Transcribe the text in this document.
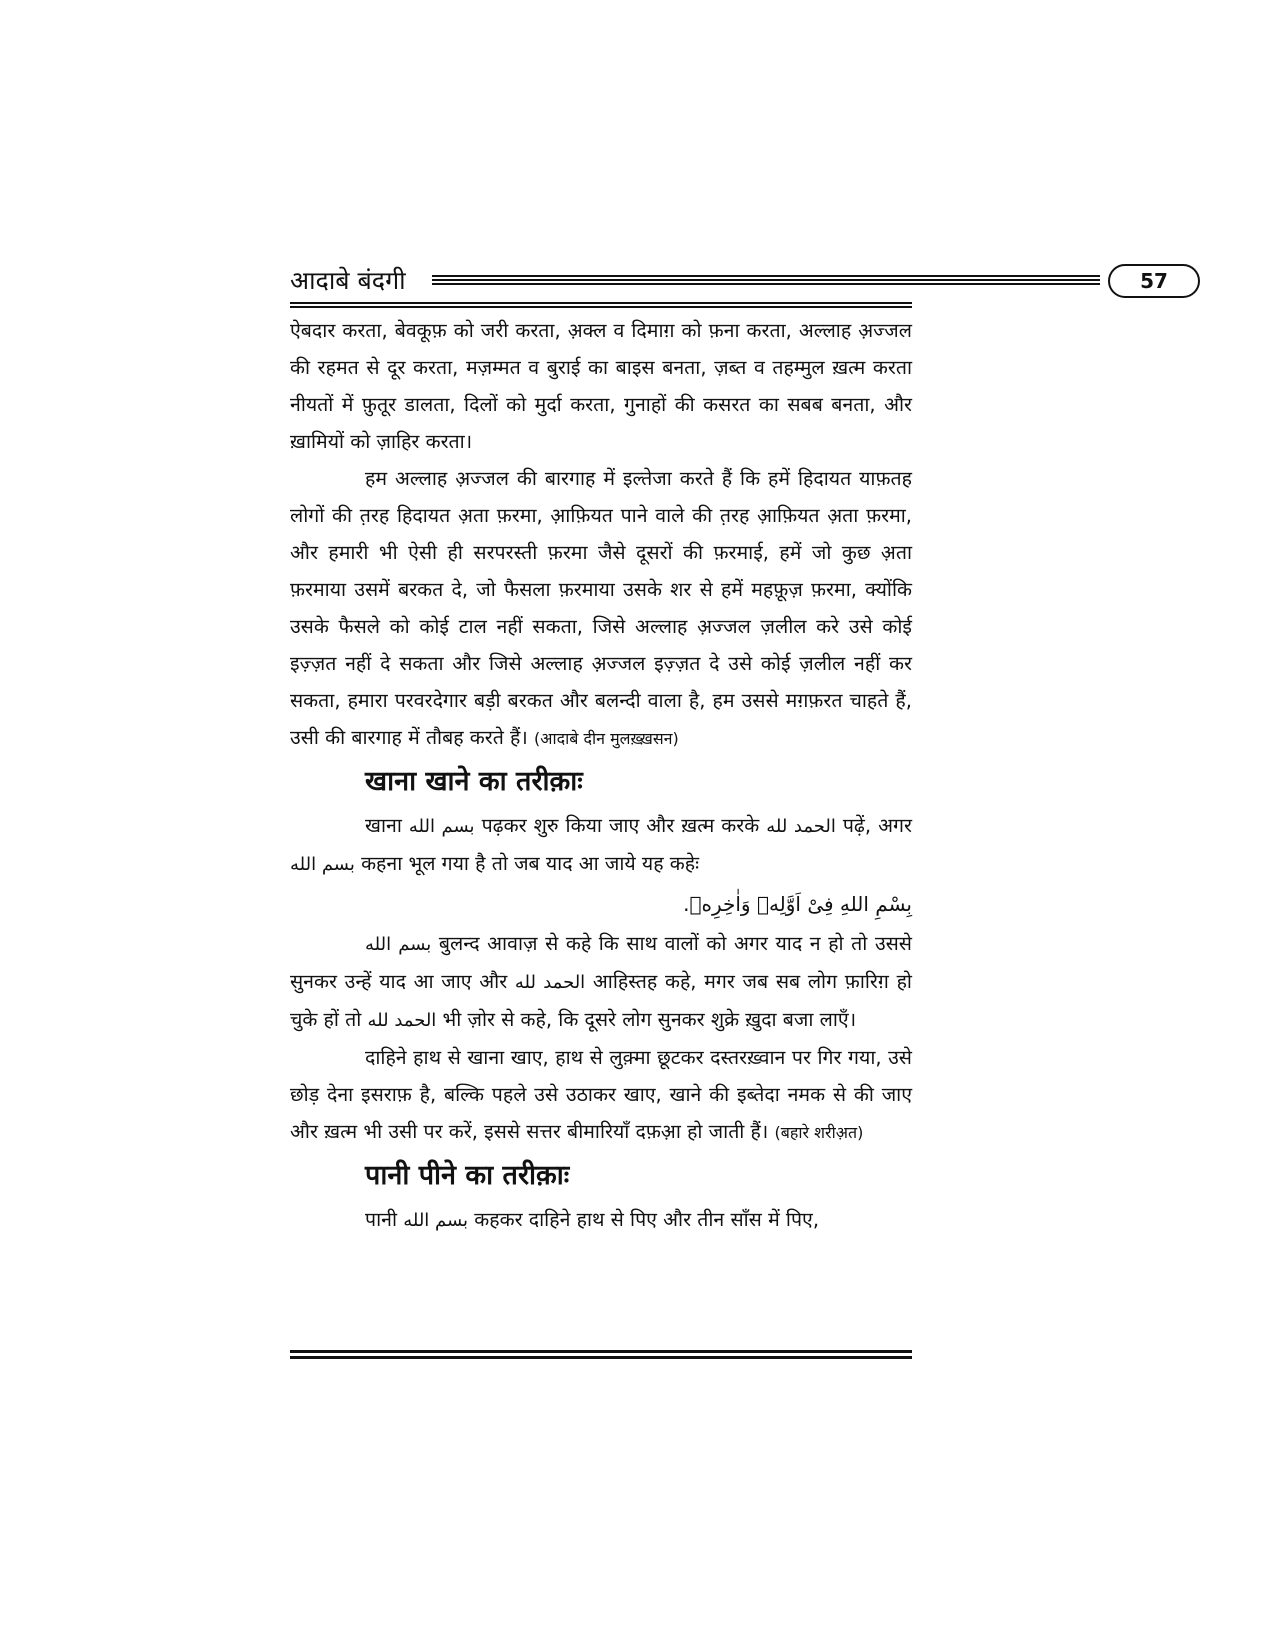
आदाबे बंदगी	57

ऐबदार करता, बेवकूफ़ को जरी करता, अ़क्ल व दिमाग़ को फ़ना करता, अल्लाह अ़ज्जल की रहमत से दूर करता, मज़म्मत व बुराई का बाइस बनता, ज़ब्त व तहम्मुल ख़त्म करता नीयतों में फ़ुतूर डालता, दिलों को मुर्दा करता, गुनाहों की कसरत का सबब बनता, और ख़ामियों को ज़ाहिर करता।

हम अल्लाह अ़ज्जल की बारगाह में इल्तेजा करते हैं कि हमें हिदायत याफ़तह लोगों की त़रह हिदायत अ़ता फ़रमा, आ़फ़ियत पाने वाले की त़रह आ़फ़ियत अ़ता फ़रमा, और हमारी भी ऐसी ही सरपरस्ती फ़रमा जैसे दूसरों की फ़रमाई, हमें जो कुछ अ़ता फ़रमाया उसमें बरकत दे, जो फैसला फ़रमाया उसके शर से हमें महफ़ूज़ फ़रमा, क्योंकि उसके फैसले को कोई टाल नहीं सकता, जिसे अल्लाह अ़ज्जल ज़लील करे उसे कोई इज़्ज़त नहीं दे सकता और जिसे अल्लाह अ़ज्जल इज़्ज़त दे उसे कोई ज़लील नहीं कर सकता, हमारा परवरदेगार बड़ी बरकत और बलन्दी वाला है, हम उससे मग़फ़रत चाहते हैं, उसी की बारगाह में तौबह करते हैं। (आदाबे दीन मुलख़्ख़सन)

खाना खाने का तरीक़ाः

खाना بسم الله पढ़कर शुरु किया जाए और ख़त्म करके الحمد لله पढ़ें, अगर بسم الله कहना भूल गया है तो जब याद आ जाये यह कहेः

بِسْمِ اللهِ فِىْ اَوَّلِهٖ وَاٰخِرِهٖ.

بسم الله बुलन्द आवाज़ से कहे कि साथ वालों को अगर याद न हो तो उससे सुनकर उन्हें याद आ जाए और الحمد لله आहिस्तह कहे, मगर जब सब लोग फ़ारिग़ हो चुके हों तो الحمد لله भी ज़ोर से कहे, कि दूसरे लोग सुनकर शुक्रे ख़ुदा बजा लाएँ।

दाहिने हाथ से खाना खाए, हाथ से लुक़्मा छूटकर दस्तरख़्वान पर गिर गया, उसे छोड़ देना इसराफ़ है, बल्कि पहले उसे उठाकर खाए, खाने की इब्तेदा नमक से की जाए और ख़त्म भी उसी पर करें, इससे सत्तर बीमारियाँ दफ़अ़ा हो जाती हैं। (बहारे शरीअ़त)

पानी पीने का तरीक़ाः

पानी بسم الله कहकर दाहिने हाथ से पिए और तीन साँस में पिए,
